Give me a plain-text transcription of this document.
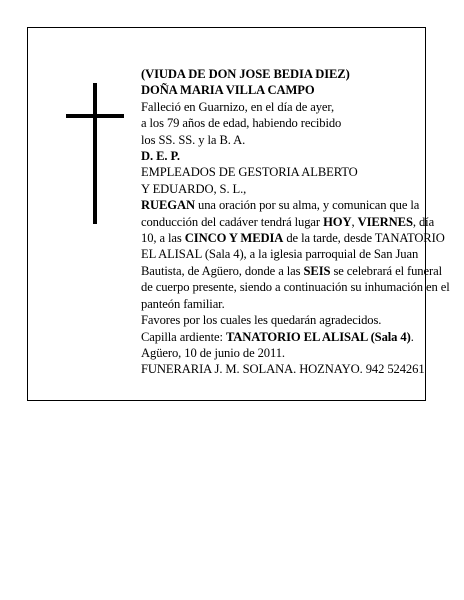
(VIUDA DE DON JOSE BEDIA DIEZ)

DOÑA MARIA VILLA CAMPO

Falleció en Guarnizo, en el día de ayer,

a los 79 años de edad, habiendo recibido

los SS. SS. y la B. A.

D. E. P.

EMPLEADOS DE GESTORIA ALBERTO

Y EDUARDO, S. L.,

RUEGAN una oración por su alma, y comunican que la conducción del cadáver tendrá lugar HOY, VIERNES, día 10, a las CINCO Y MEDIA de la tarde, desde TANATORIO EL ALISAL (Sala 4), a la iglesia parroquial de San Juan Bautista, de Agüero, donde a las SEIS se celebrará el funeral de cuerpo presente, siendo a continuación su inhumación en el panteón familiar.

Favores por los cuales les quedarán agradecidos.

Capilla ardiente: TANATORIO EL ALISAL (Sala 4).

Agüero, 10 de junio de 2011.

FUNERARIA J. M. SOLANA. HOZNAYO. 942 524261
